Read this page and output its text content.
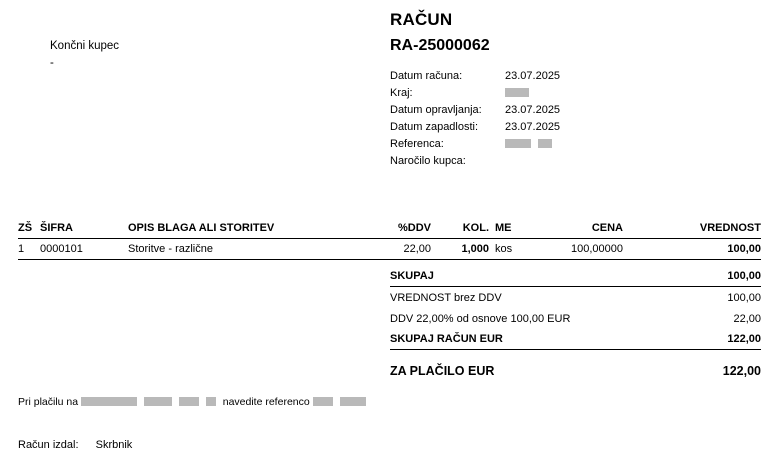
Končni kupec
-
RAČUN
RA-25000062
Datum računa:	23.07.2025
Kraj:
Datum opravljanja:	23.07.2025
Datum zapadlosti:	23.07.2025
Referenca:

Naročilo kupca:
ZŠ ŠIFRA	OPIS BLAGA ALI STORITEV	%DDV	KOL. ME	CENA	VREDNOST
1	0000101	Storitve - različne	22,00	1,000 kos	100,00000	100,00
SKUPAJ	100,00
VREDNOST brez DDV	100,00
DDV 22,00% od osnove 100,00 EUR	22,00
SKUPAJ RAČUN EUR	122,00
ZA PLAČILO EUR	122,00
Pri plačilu na	navedite referenco
Račun izdal: Skrbnik
